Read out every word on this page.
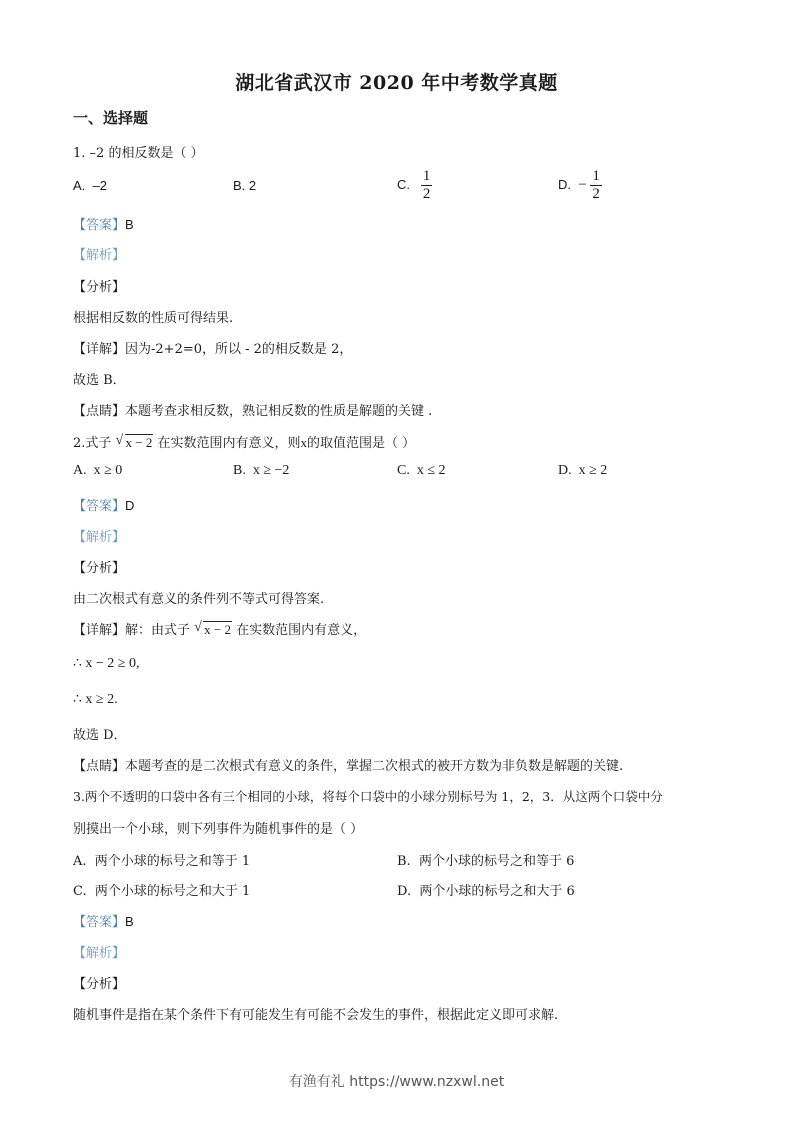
湖北省武汉市 2020 年中考数学真题
一、选择题
1. –2 的相反数是（ ）
A. –2	B. 2	C. $\frac{1}{2}$	D. − $\frac{1}{2}$
【答案】B
【解析】
【分析】
根据相反数的性质可得结果.
【详解】因为-2+2=0，所以 - 2的相反数是 2，
故选 B．
【点睛】本题考查求相反数，熟记相反数的性质是解题的关键 .
2.式子 √ x − 2 在实数范围内有意义，则x的取值范围是（ ）
A. x ≥ 0	B. x ≥ −2	C. x ≤ 2	D. x ≥ 2
【答案】D
【解析】
【分析】
由二次根式有意义的条件列不等式可得答案.
【详解】解：由式子 √ x − 2 在实数范围内有意义，
∴ x − 2 ≥ 0,
∴ x ≥ 2.
故选 D．
【点睛】本题考查的是二次根式有意义的条件，掌握二次根式的被开方数为非负数是解题的关键.
3.两个不透明的口袋中各有三个相同的小球，将每个口袋中的小球分别标号为 1，2，3．从这两个口袋中分
别摸出一个小球，则下列事件为随机事件的是（ ）
A. 两个小球的标号之和等于 1	B. 两个小球的标号之和等于 6
C. 两个小球的标号之和大于 1	D. 两个小球的标号之和大于 6
【答案】B
【解析】
【分析】
随机事件是指在某个条件下有可能发生有可能不会发生的事件，根据此定义即可求解.
有渔有礼 https://www.nzxwl.net
